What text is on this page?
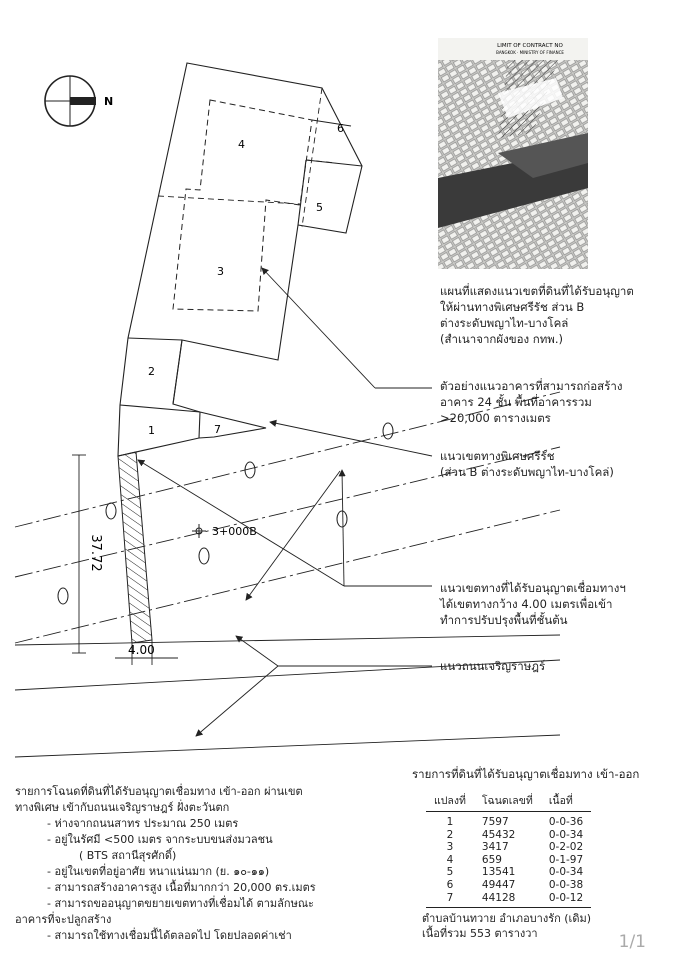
N
1
2
3
4
5
6
7
3+000B
37.72
4.00
LIMIT OF CONTRACT NO
BANGKOK · MINISTRY OF FINANCE
แผนที่แสดงแนวเขตที่ดินที่ได้รับอนุญาต
ให้ผ่านทางพิเศษศรีรัช ส่วน B
ต่างระดับพญาไท-บางโคล่
(สำเนาจากผังของ กทพ.)
ตัวอย่างแนวอาคารที่สามารถก่อสร้าง
อาคาร 24 ชั้น พื้นที่อาคารรวม
>20,000 ตารางเมตร
แนวเขตทางพิเศษศรีรัช
(ส่วน B ต่างระดับพญาไท-บางโคล่)
แนวเขตทางที่ได้รับอนุญาตเชื่อมทางฯ
ได้เขตทางกว้าง 4.00 เมตรเพื่อเข้า
ทำการปรับปรุงพื้นที่ชั้นต้น
แนวถนนเจริญราษฎร์
รายการโฉนดที่ดินที่ได้รับอนุญาตเชื่อมทาง เข้า-ออก ผ่านเขต
ทางพิเศษ เข้ากับถนนเจริญราษฎร์ ฝั่งตะวันตก
- ห่างจากถนนสาทร ประมาณ 250 เมตร
- อยู่ในรัศมี <500 เมตร จากระบบขนส่งมวลชน
( BTS สถานีสุรศักดิ์)
- อยู่ในเขตที่อยู่อาศัย หนาแน่นมาก (ย. ๑๐-๑๑)
- สามารถสร้างอาคารสูง เนื้อที่มากกว่า 20,000 ตร.เมตร
- สามารถขออนุญาตขยายเขตทางที่เชื่อมได้ ตามลักษณะ
อาคารที่จะปลูกสร้าง
- สามารถใช้ทางเชื่อมนี้ได้ตลอดไป โดยปลอดค่าเช่า
รายการที่ดินที่ได้รับอนุญาตเชื่อมทาง เข้า-ออก
แปลงที่	โฉนดเลขที่	เนื้อที่
1	7597	0-0-36
2	45432	0-0-34
3	3417	0-2-02
4	659	0-1-97
5	13541	0-0-34
6	49447	0-0-38
7	44128	0-0-12
ตำบลบ้านทวาย อำเภอบางรัก (เดิม)
เนื้อที่รวม 553 ตารางวา	1/1
